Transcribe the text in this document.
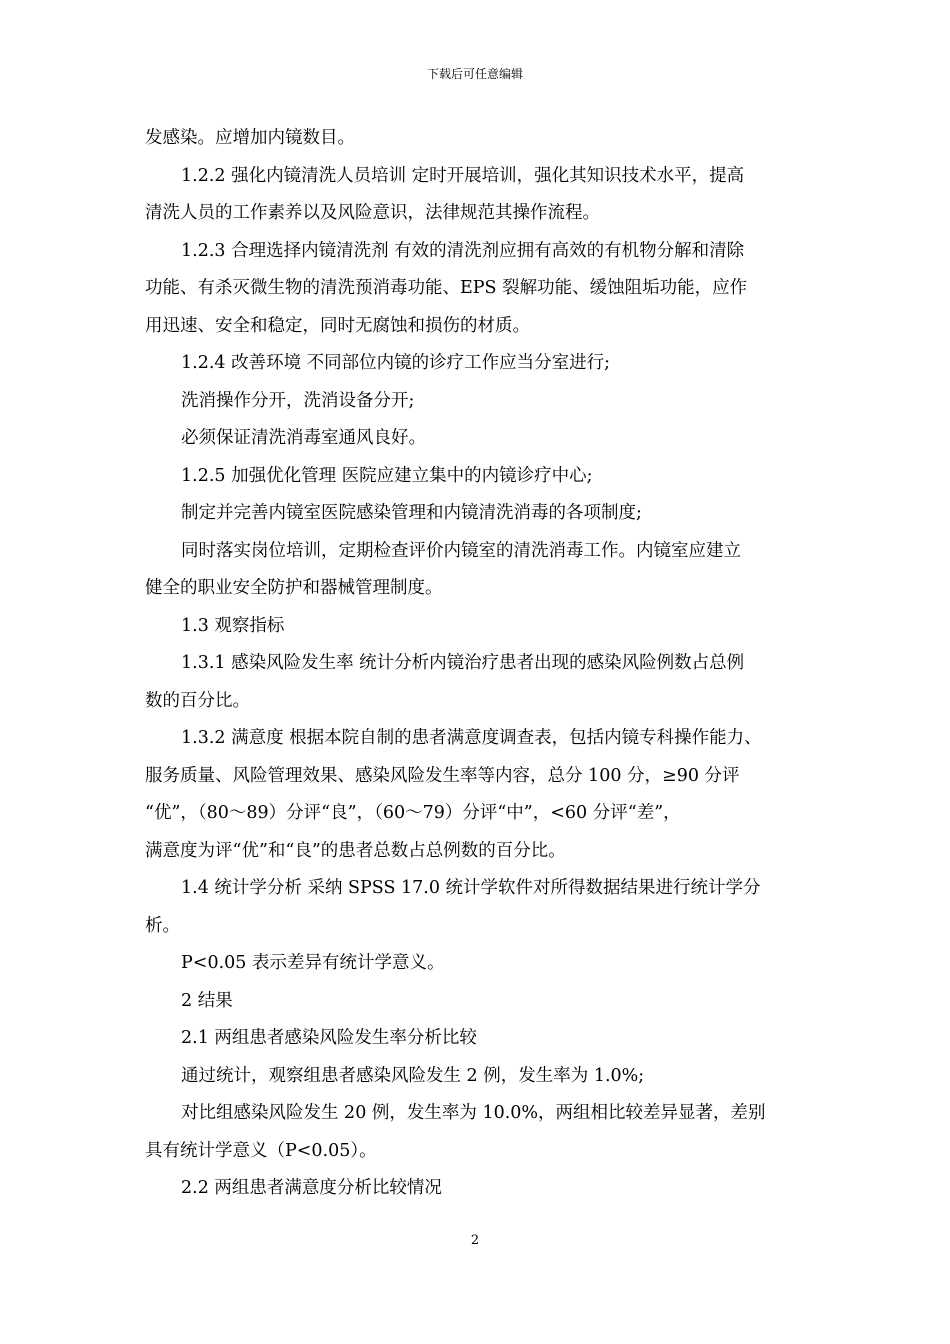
下载后可任意编辑
发感染。应增加内镜数目。
1.2.2 强化内镜清洗人员培训 定时开展培训，强化其知识技术水平，提高
清洗人员的工作素养以及风险意识，法律规范其操作流程。
1.2.3 合理选择内镜清洗剂 有效的清洗剂应拥有高效的有机物分解和清除
功能、有杀灭微生物的清洗预消毒功能、EPS 裂解功能、缓蚀阻垢功能，应作
用迅速、安全和稳定，同时无腐蚀和损伤的材质。
1.2.4 改善环境 不同部位内镜的诊疗工作应当分室进行;
洗消操作分开，洗消设备分开;
必须保证清洗消毒室通风良好。
1.2.5 加强优化管理 医院应建立集中的内镜诊疗中心;
制定并完善内镜室医院感染管理和内镜清洗消毒的各项制度;
同时落实岗位培训，定期检查评价内镜室的清洗消毒工作。内镜室应建立
健全的职业安全防护和器械管理制度。
1.3 观察指标
1.3.1 感染风险发生率 统计分析内镜治疗患者出现的感染风险例数占总例
数的百分比。
1.3.2 满意度 根据本院自制的患者满意度调查表，包括内镜专科操作能力、
服务质量、风险管理效果、感染风险发生率等内容，总分 100 分，≥90 分评
“优”，（80～89）分评“良”，（60～79）分评“中”，<60 分评“差”，
满意度为评“优”和“良”的患者总数占总例数的百分比。
1.4 统计学分析 采纳 SPSS 17.0 统计学软件对所得数据结果进行统计学分
析。
P<0.05 表示差异有统计学意义。
2 结果
2.1 两组患者感染风险发生率分析比较
通过统计，观察组患者感染风险发生 2 例，发生率为 1.0%;
对比组感染风险发生 20 例，发生率为 10.0%，两组相比较差异显著，差别
具有统计学意义（P<0.05）。
2.2 两组患者满意度分析比较情况
2
